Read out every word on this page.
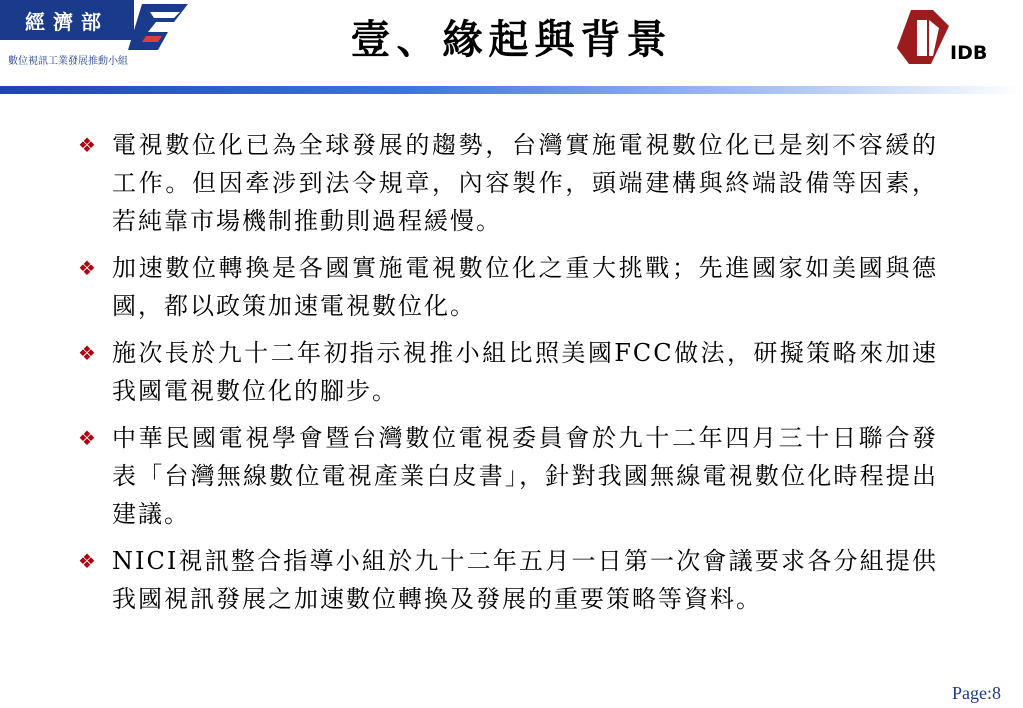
經濟部
數位視訊工業發展推動小組	壹、緣起與背景	IDB
❖ 電視數位化已為全球發展的趨勢，台灣實施電視數位化已是刻不容緩的工作。但因牽涉到法令規章，內容製作，頭端建構與終端設備等因素，若純靠市場機制推動則過程緩慢。
❖ 加速數位轉換是各國實施電視數位化之重大挑戰；先進國家如美國與德國，都以政策加速電視數位化。
❖ 施次長於九十二年初指示視推小組比照美國FCC做法，研擬策略來加速我國電視數位化的腳步。
❖ 中華民國電視學會暨台灣數位電視委員會於九十二年四月三十日聯合發表「台灣無線數位電視產業白皮書」，針對我國無線電視數位化時程提出建議。
❖ NICI視訊整合指導小組於九十二年五月一日第一次會議要求各分組提供我國視訊發展之加速數位轉換及發展的重要策略等資料。
Page:8
